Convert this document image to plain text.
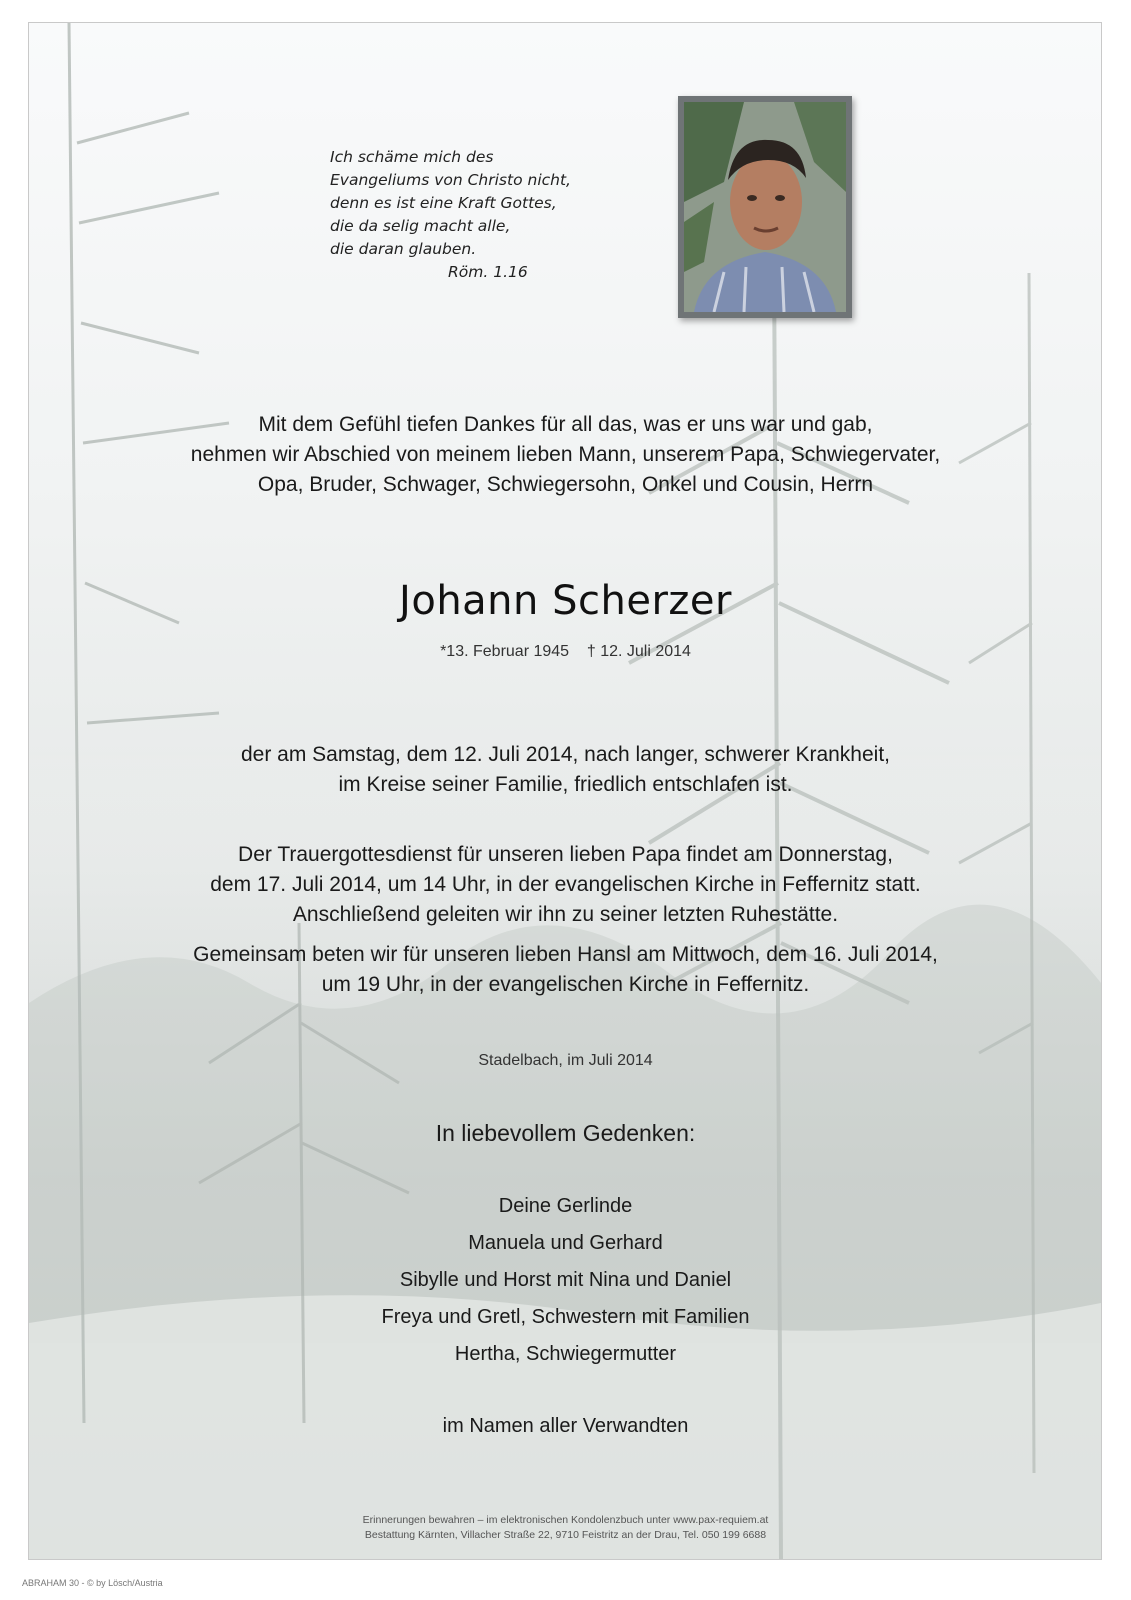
Ich schäme mich des
Evangeliums von Christo nicht,
denn es ist eine Kraft Gottes,
die da selig macht alle,
die daran glauben.
Röm. 1.16
Mit dem Gefühl tiefen Dankes für all das, was er uns war und gab,
nehmen wir Abschied von meinem lieben Mann, unserem Papa, Schwiegervater,
Opa, Bruder, Schwager, Schwiegersohn, Onkel und Cousin, Herrn
Johann Scherzer
*13. Februar 1945 † 12. Juli 2014
der am Samstag, dem 12. Juli 2014, nach langer, schwerer Krankheit,
im Kreise seiner Familie, friedlich entschlafen ist.
Der Trauergottesdienst für unseren lieben Papa findet am Donnerstag,
dem 17. Juli 2014, um 14 Uhr, in der evangelischen Kirche in Feffernitz statt.
Anschließend geleiten wir ihn zu seiner letzten Ruhestätte.
Gemeinsam beten wir für unseren lieben Hansl am Mittwoch, dem 16. Juli 2014,
um 19 Uhr, in der evangelischen Kirche in Feffernitz.
Stadelbach, im Juli 2014
In liebevollem Gedenken:
Deine Gerlinde
Manuela und Gerhard
Sibylle und Horst mit Nina und Daniel
Freya und Gretl, Schwestern mit Familien
Hertha, Schwiegermutter
im Namen aller Verwandten
Erinnerungen bewahren – im elektronischen Kondolenzbuch unter www.pax-requiem.at
Bestattung Kärnten, Villacher Straße 22, 9710 Feistritz an der Drau, Tel. 050 199 6688
ABRAHAM 30 - © by Lösch/Austria
